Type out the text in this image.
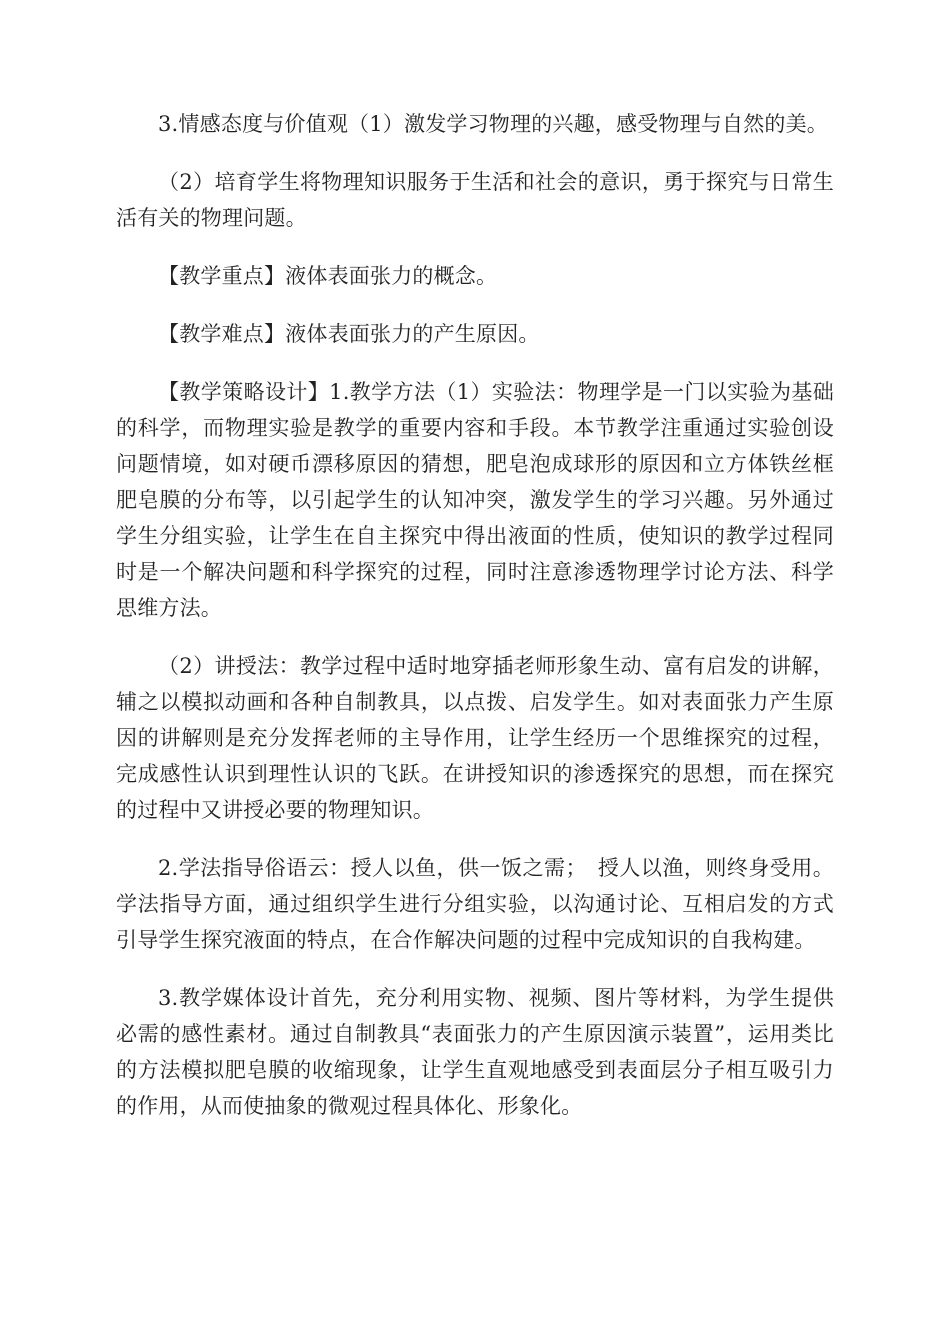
3.情感态度与价值观（1）激发学习物理的兴趣，感受物理与自然的美。

（2）培育学生将物理知识服务于生活和社会的意识，勇于探究与日常生活有关的物理问题。

【教学重点】液体表面张力的概念。

【教学难点】液体表面张力的产生原因。

【教学策略设计】1.教学方法（1）实验法：物理学是一门以实验为基础的科学，而物理实验是教学的重要内容和手段。本节教学注重通过实验创设问题情境，如对硬币漂移原因的猜想，肥皂泡成球形的原因和立方体铁丝框肥皂膜的分布等，以引起学生的认知冲突，激发学生的学习兴趣。另外通过学生分组实验，让学生在自主探究中得出液面的性质，使知识的教学过程同时是一个解决问题和科学探究的过程，同时注意渗透物理学讨论方法、科学思维方法。

（2）讲授法：教学过程中适时地穿插老师形象生动、富有启发的讲解，辅之以模拟动画和各种自制教具，以点拨、启发学生。如对表面张力产生原因的讲解则是充分发挥老师的主导作用，让学生经历一个思维探究的过程，完成感性认识到理性认识的飞跃。在讲授知识的渗透探究的思想，而在探究的过程中又讲授必要的物理知识。

2.学法指导俗语云：授人以鱼，供一饭之需；　授人以渔，则终身受用。学法指导方面，通过组织学生进行分组实验，以沟通讨论、互相启发的方式引导学生探究液面的特点，在合作解决问题的过程中完成知识的自我构建。

3.教学媒体设计首先，充分利用实物、视频、图片等材料，为学生提供必需的感性素材。通过自制教具“表面张力的产生原因演示装置”，运用类比的方法模拟肥皂膜的收缩现象，让学生直观地感受到表面层分子相互吸引力的作用，从而使抽象的微观过程具体化、形象化。
